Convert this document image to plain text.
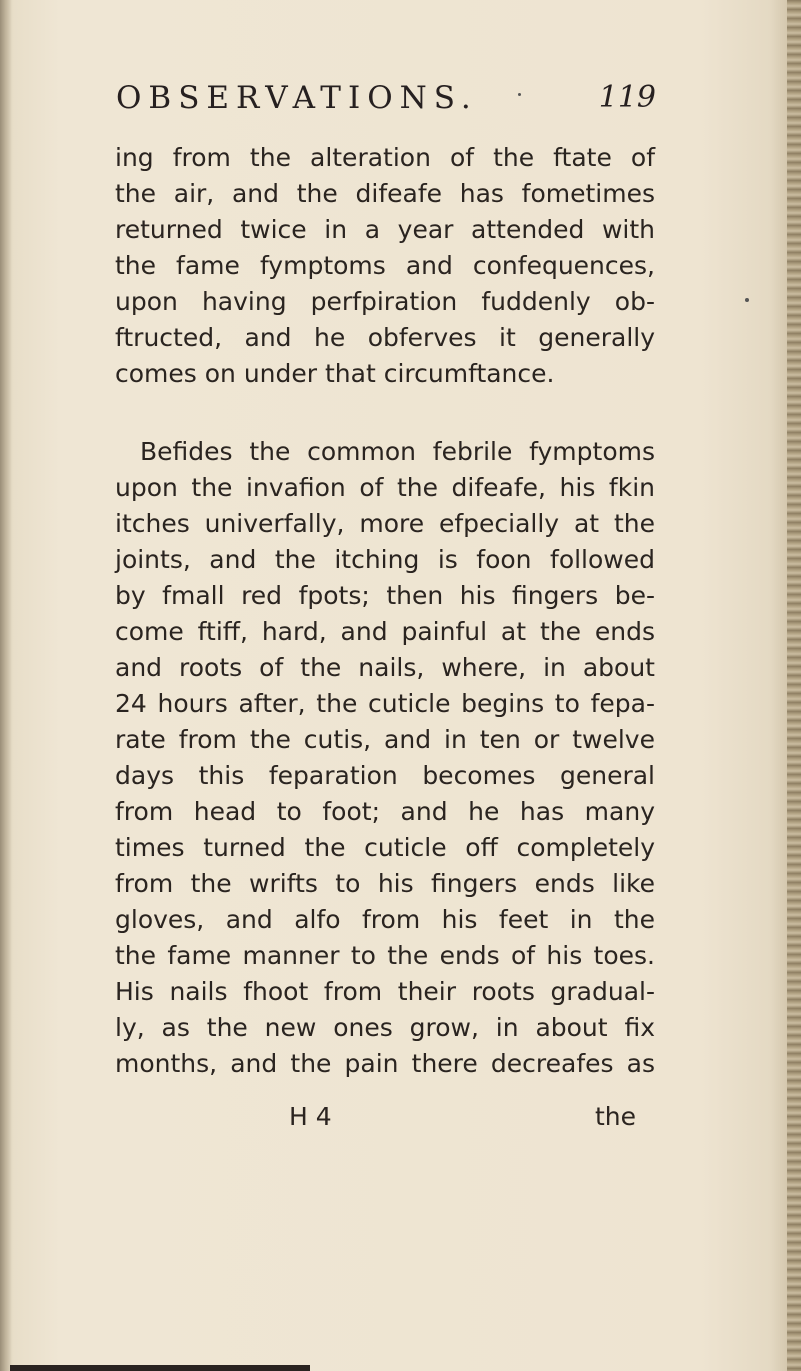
OBSERVATIONS.	119
ing from the alteration of the ftate of
the air, and the difeafe has fometimes
returned twice in a year attended with
the fame fymptoms and confequences,
upon having perfpiration fuddenly ob-
ftructed, and he obferves it generally
comes on under that circumftance.
Befides the common febrile fymptoms
upon the invafion of the difeafe, his fkin
itches univerfally, more efpecially at the
joints, and the itching is foon followed
by fmall red fpots; then his fingers be-
come ftiff, hard, and painful at the ends
and roots of the nails, where, in about
24 hours after, the cuticle begins to fepa-
rate from the cutis, and in ten or twelve
days this feparation becomes general
from head to foot; and he has many
times turned the cuticle off completely
from the wrifts to his fingers ends like
gloves, and alfo from his feet in the
the fame manner to the ends of his toes.
His nails fhoot from their roots gradual-
ly, as the new ones grow, in about fix
months, and the pain there decreafes as
H 4	the
